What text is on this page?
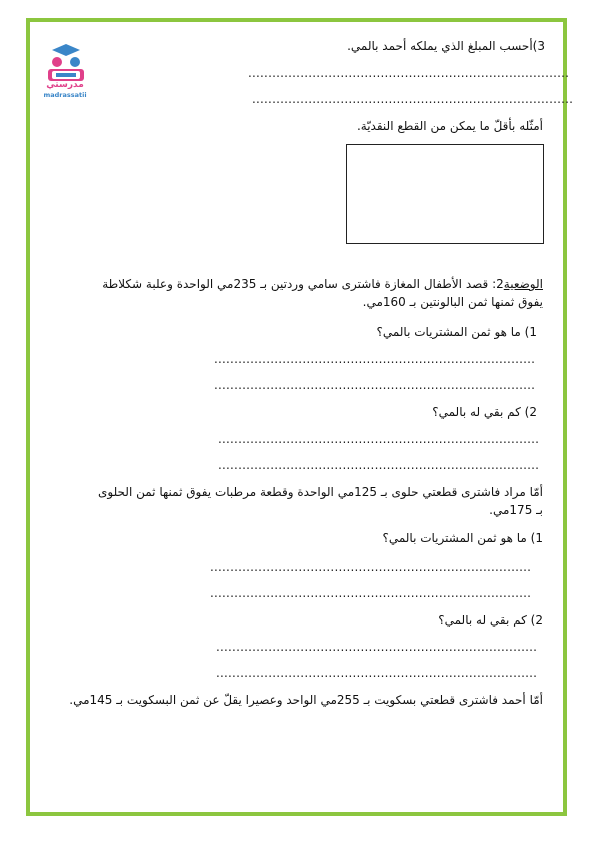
مدرستي
madrassatii
3)أحسب المبلغ الذي يملكه أحمد بالمي.
................................................................................
................................................................................
أمثّله بأقلّ ما يمكن من القطع النقديّة.
الوضعية2: قصد الأطفال المغازة فاشترى سامي وردتين بـ 235مي الواحدة وعلبة شكلاطة
يفوق ثمنها ثمن البالونتين بـ 160مي.
1) ما هو ثمن المشتريات بالمي؟
................................................................................
................................................................................
2) كم بقي له بالمي؟
................................................................................
................................................................................
أمّا مراد فاشترى قطعتي حلوى بـ 125مي الواحدة وقطعة مرطبات يفوق ثمنها ثمن الحلوى
بـ 175مي.
1) ما هو ثمن المشتريات بالمي؟
................................................................................
................................................................................
2) كم بقي له بالمي؟
................................................................................
................................................................................
أمّا أحمد فاشترى قطعتي بسكويت بـ 255مي الواحد وعصيرا يقلّ عن ثمن البسكويت بـ 145مي.
